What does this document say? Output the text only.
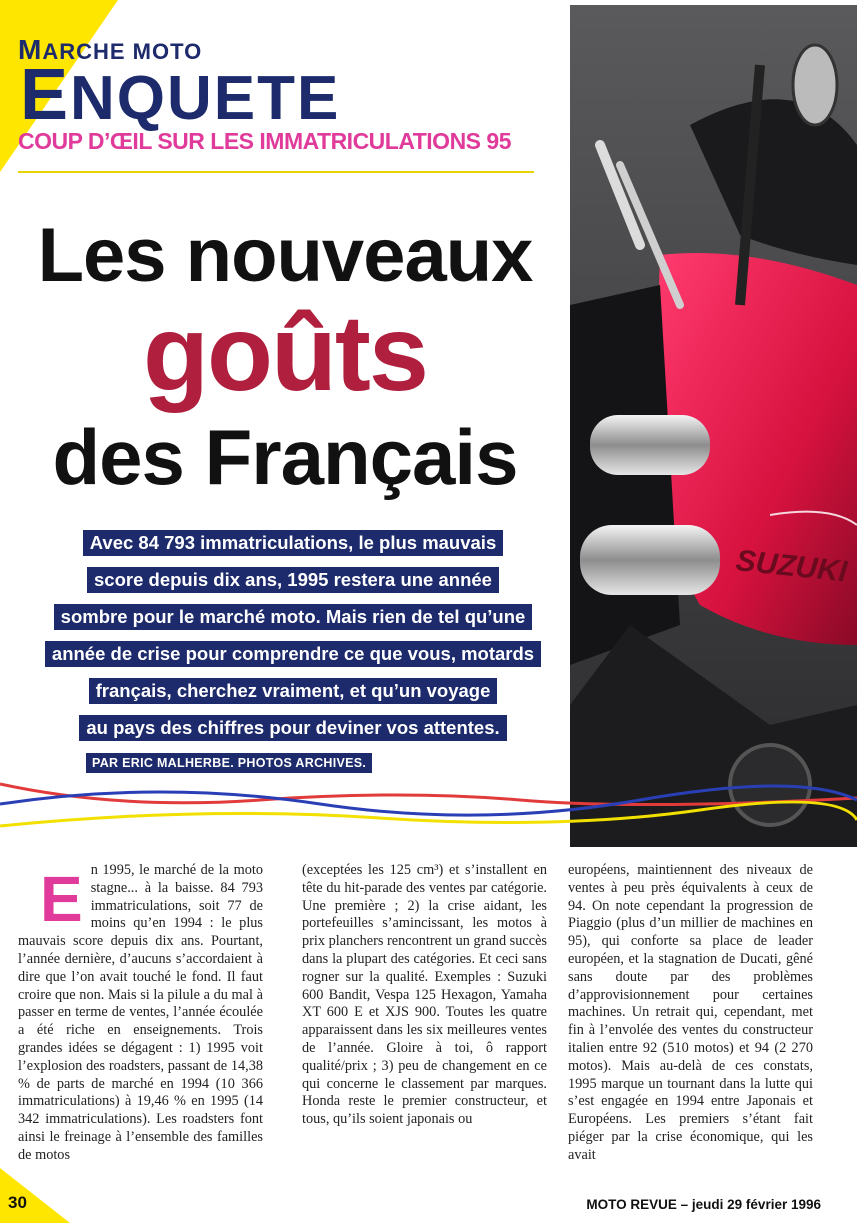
MARCHE MOTO
ENQUETE
COUP D’ŒIL SUR LES IMMATRICULATIONS 95
Les nouveaux
goûts
des Français
SUZUKI
Avec 84 793 immatriculations, le plus mauvais
score depuis dix ans, 1995 restera une année
sombre pour le marché moto. Mais rien de tel qu’une
année de crise pour comprendre ce que vous, motards
français, cherchez vraiment, et qu’un voyage
au pays des chiffres pour deviner vos attentes.
PAR ERIC MALHERBE. PHOTOS ARCHIVES.
E n 1995, le marché de la moto stagne... à la baisse. 84 793 immatriculations, soit 77 de moins qu’en 1994 : le plus mauvais score depuis dix ans. Pourtant, l’année dernière, d’aucuns s’accordaient à dire que l’on avait touché le fond. Il faut croire que non. Mais si la pilule a du mal à passer en terme de ventes, l’année écoulée a été riche en enseignements. Trois grandes idées se dégagent : 1) 1995 voit l’explosion des roadsters, passant de 14,38 % de parts de marché en 1994 (10 366 immatriculations) à 19,46 % en 1995 (14 342 immatriculations). Les roadsters font ainsi le freinage à l’ensemble des familles de motos

(exceptées les 125 cm³) et s’installent en tête du hit-parade des ventes par catégorie. Une première ; 2) la crise aidant, les portefeuilles s’amincissant, les motos à prix planchers rencontrent un grand succès dans la plupart des catégories. Et ceci sans rogner sur la qualité. Exemples : Suzuki 600 Bandit, Vespa 125 Hexagon, Yamaha XT 600 E et XJS 900. Toutes les quatre apparaissent dans les six meilleures ventes de l’année. Gloire à toi, ô rapport qualité/prix ; 3) peu de changement en ce qui concerne le classement par marques. Honda reste le premier constructeur, et tous, qu’ils soient japonais ou

européens, maintiennent des niveaux de ventes à peu près équivalents à ceux de 94. On note cependant la progression de Piaggio (plus d’un millier de machines en 95), qui conforte sa place de leader européen, et la stagnation de Ducati, gêné sans doute par des problèmes d’approvisionnement pour certaines machines. Un retrait qui, cependant, met fin à l’envolée des ventes du constructeur italien entre 92 (510 motos) et 94 (2 270 motos). Mais au-delà de ces constats, 1995 marque un tournant dans la lutte qui s’est engagée en 1994 entre Japonais et Européens. Les premiers s’étant fait piéger par la crise économique, qui les avait

30	MOTO REVUE – jeudi 29 février 1996
